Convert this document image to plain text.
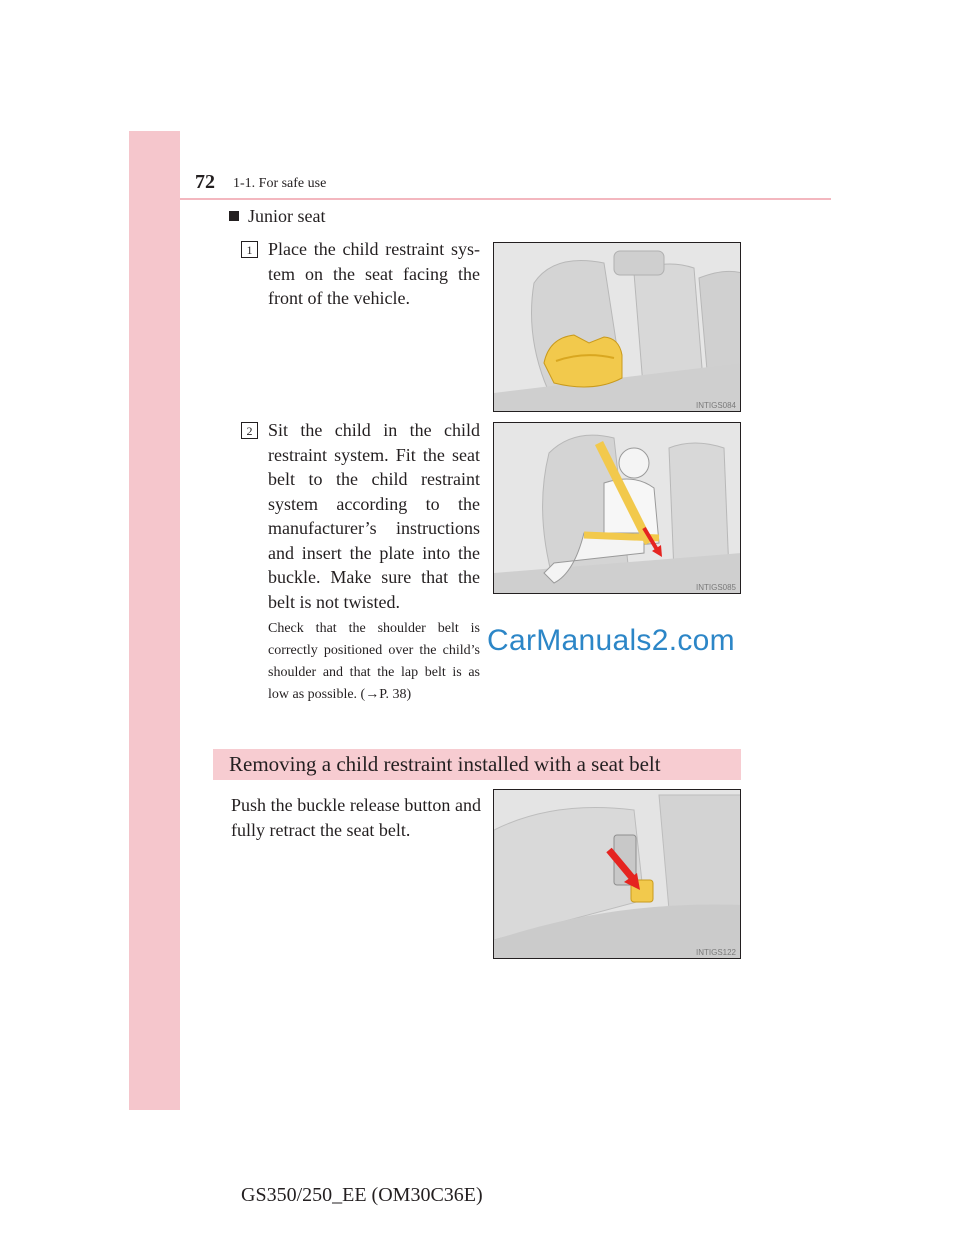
72 1-1. For safe use
Junior seat
1 Place the child restraint sys-tem on the seat facing the front of the vehicle.
INTIGS084
2 Sit the child in the child restraint system. Fit the seat belt to the child restraint system according to the manufacturer’s instructions and insert the plate into the buckle. Make sure that the belt is not twisted.
INTIGS085
Check that the shoulder belt is correctly positioned over the child’s shoulder and that the lap belt is as low as possible. (→P. 38)
CarManuals2.com
Removing a child restraint installed with a seat belt
Push the buckle release button and fully retract the seat belt.
INTIGS122
GS350/250_EE (OM30C36E)
